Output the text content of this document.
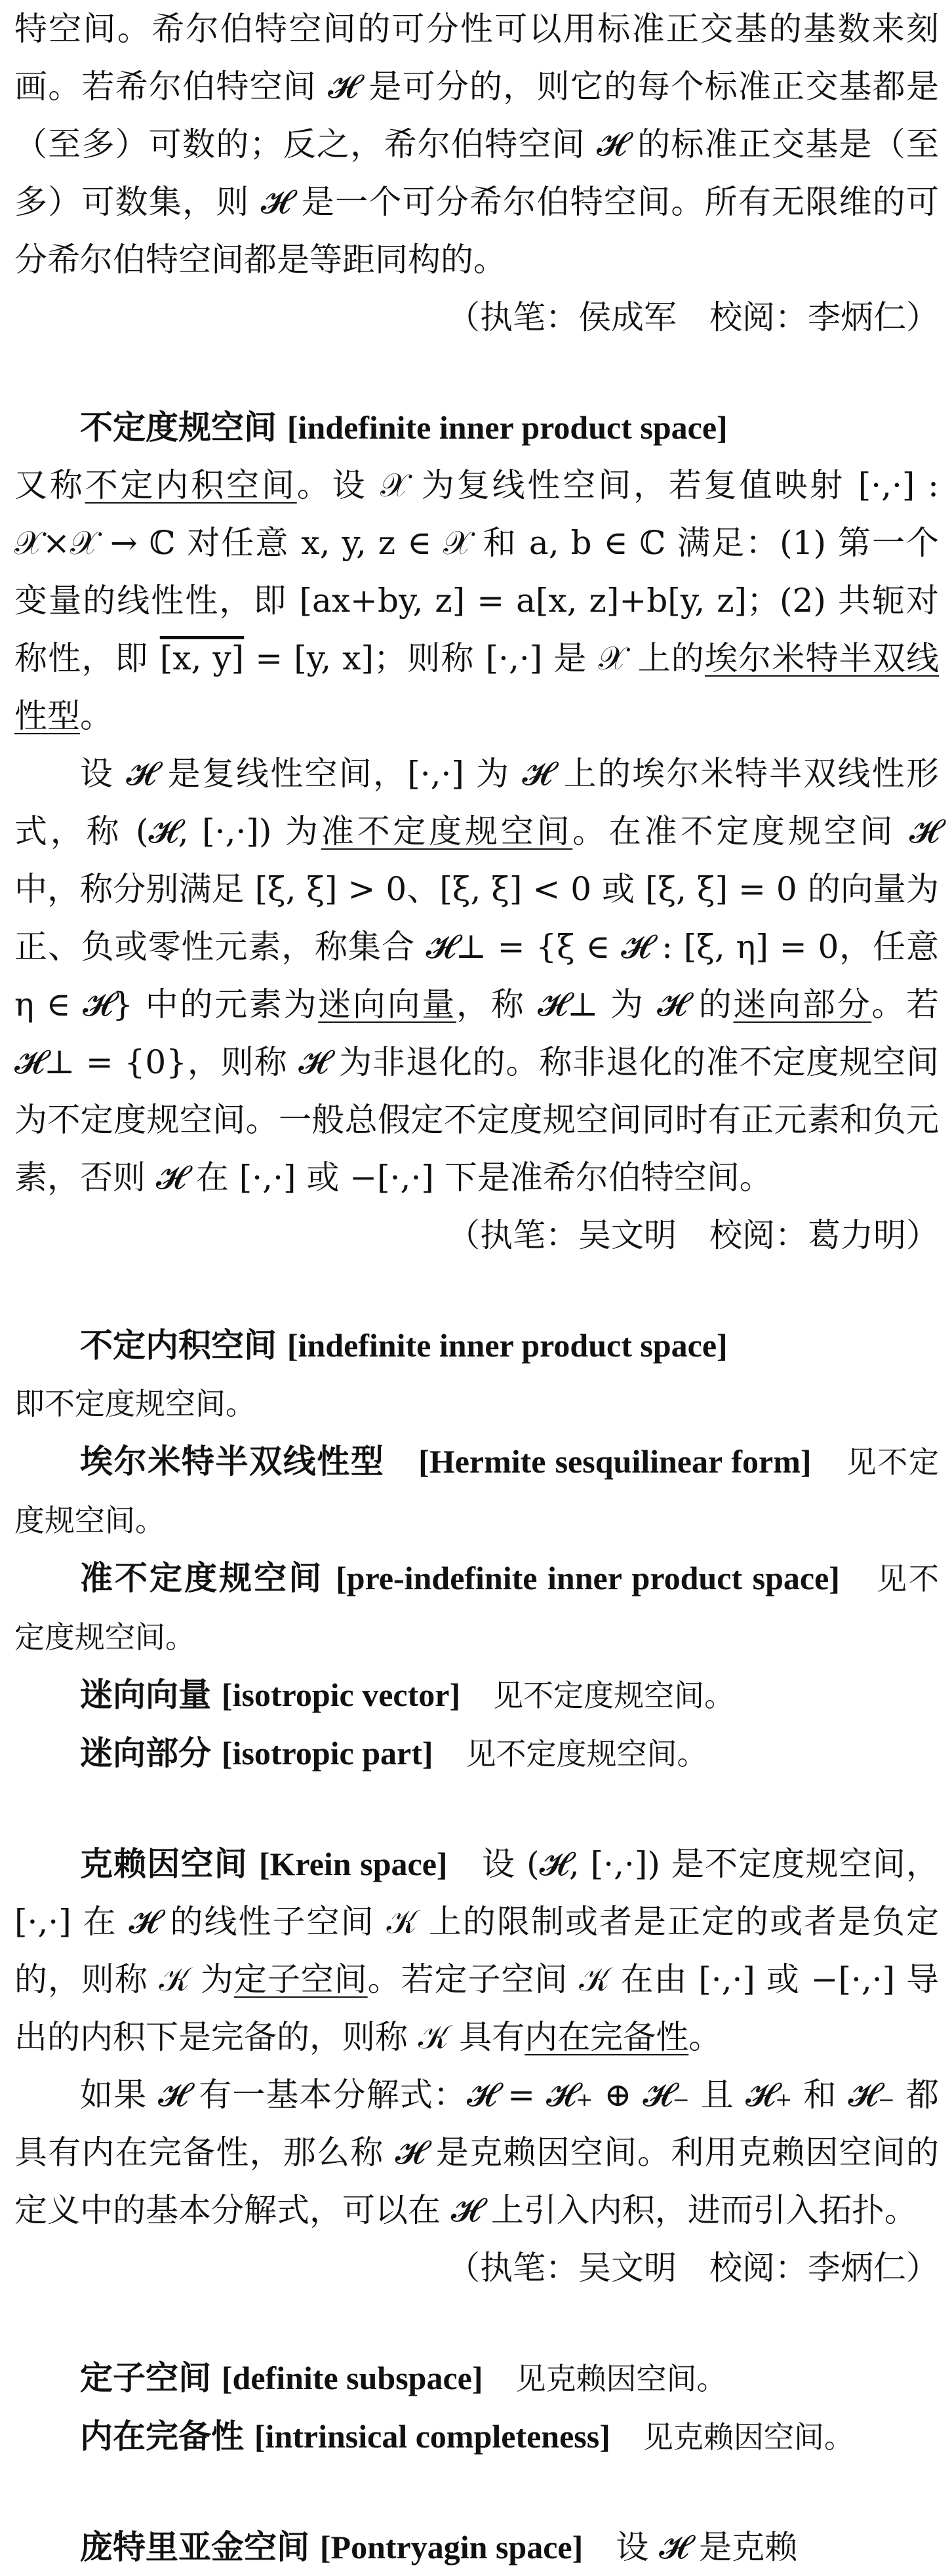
特空间。希尔伯特空间的可分性可以用标准正交基的基数来刻画。若希尔伯特空间 𝓗 是可分的，则它的每个标准正交基都是（至多）可数的；反之，希尔伯特空间 𝓗 的标准正交基是（至多）可数集，则 𝓗 是一个可分希尔伯特空间。所有无限维的可分希尔伯特空间都是等距同构的。

（执笔：侯成军　校阅：李炳仁）

不定度规空间 [indefinite inner product space]

又称不定内积空间。设 𝒳 为复线性空间，若复值映射 [·,·] : 𝒳×𝒳 → ℂ 对任意 x, y, z ∈ 𝒳 和 a, b ∈ ℂ 满足：(1) 第一个变量的线性性，即 [ax+by, z] = a[x, z]+b[y, z]；(2) 共轭对称性，即 [x, y] = [y, x]；则称 [·,·] 是 𝒳 上的埃尔米特半双线性型。

设 𝓗 是复线性空间，[·,·] 为 𝓗 上的埃尔米特半双线性形式，称 (𝓗, [·,·]) 为准不定度规空间。在准不定度规空间 𝓗 中，称分别满足 [ξ, ξ] > 0、[ξ, ξ] < 0 或 [ξ, ξ] = 0 的向量为正、负或零性元素，称集合 𝓗⊥ = {ξ ∈ 𝓗 : [ξ, η] = 0，任意 η ∈ 𝓗} 中的元素为迷向向量，称 𝓗⊥ 为 𝓗 的迷向部分。若 𝓗⊥ = {0}，则称 𝓗 为非退化的。称非退化的准不定度规空间为不定度规空间。一般总假定不定度规空间同时有正元素和负元素，否则 𝓗 在 [·,·] 或 −[·,·] 下是准希尔伯特空间。

（执笔：吴文明　校阅：葛力明）

不定内积空间 [indefinite inner product space]

即不定度规空间。

埃尔米特半双线性型　 [Hermite sesquilinear form]　 见不定度规空间。

准不定度规空间 [pre-indefinite inner product space]　 见不定度规空间。

迷向向量 [isotropic vector]　 见不定度规空间。

迷向部分 [isotropic part]　 见不定度规空间。

克赖因空间 [Krein space]　 设 (𝓗, [·,·]) 是不定度规空间，[·,·] 在 𝓗 的线性子空间 𝒦 上的限制或者是正定的或者是负定的，则称 𝒦 为定子空间。若定子空间 𝒦 在由 [·,·] 或 −[·,·] 导出的内积下是完备的，则称 𝒦 具有内在完备性。

如果 𝓗 有一基本分解式：𝓗 = 𝓗₊ ⊕ 𝓗₋ 且 𝓗₊ 和 𝓗₋ 都具有内在完备性，那么称 𝓗 是克赖因空间。利用克赖因空间的定义中的基本分解式，可以在 𝓗 上引入内积，进而引入拓扑。

（执笔：吴文明　校阅：李炳仁）

定子空间 [definite subspace]　 见克赖因空间。

内在完备性 [intrinsical completeness]　 见克赖因空间。

庞特里亚金空间 [Pontryagin space]　 设 𝓗 是克赖
